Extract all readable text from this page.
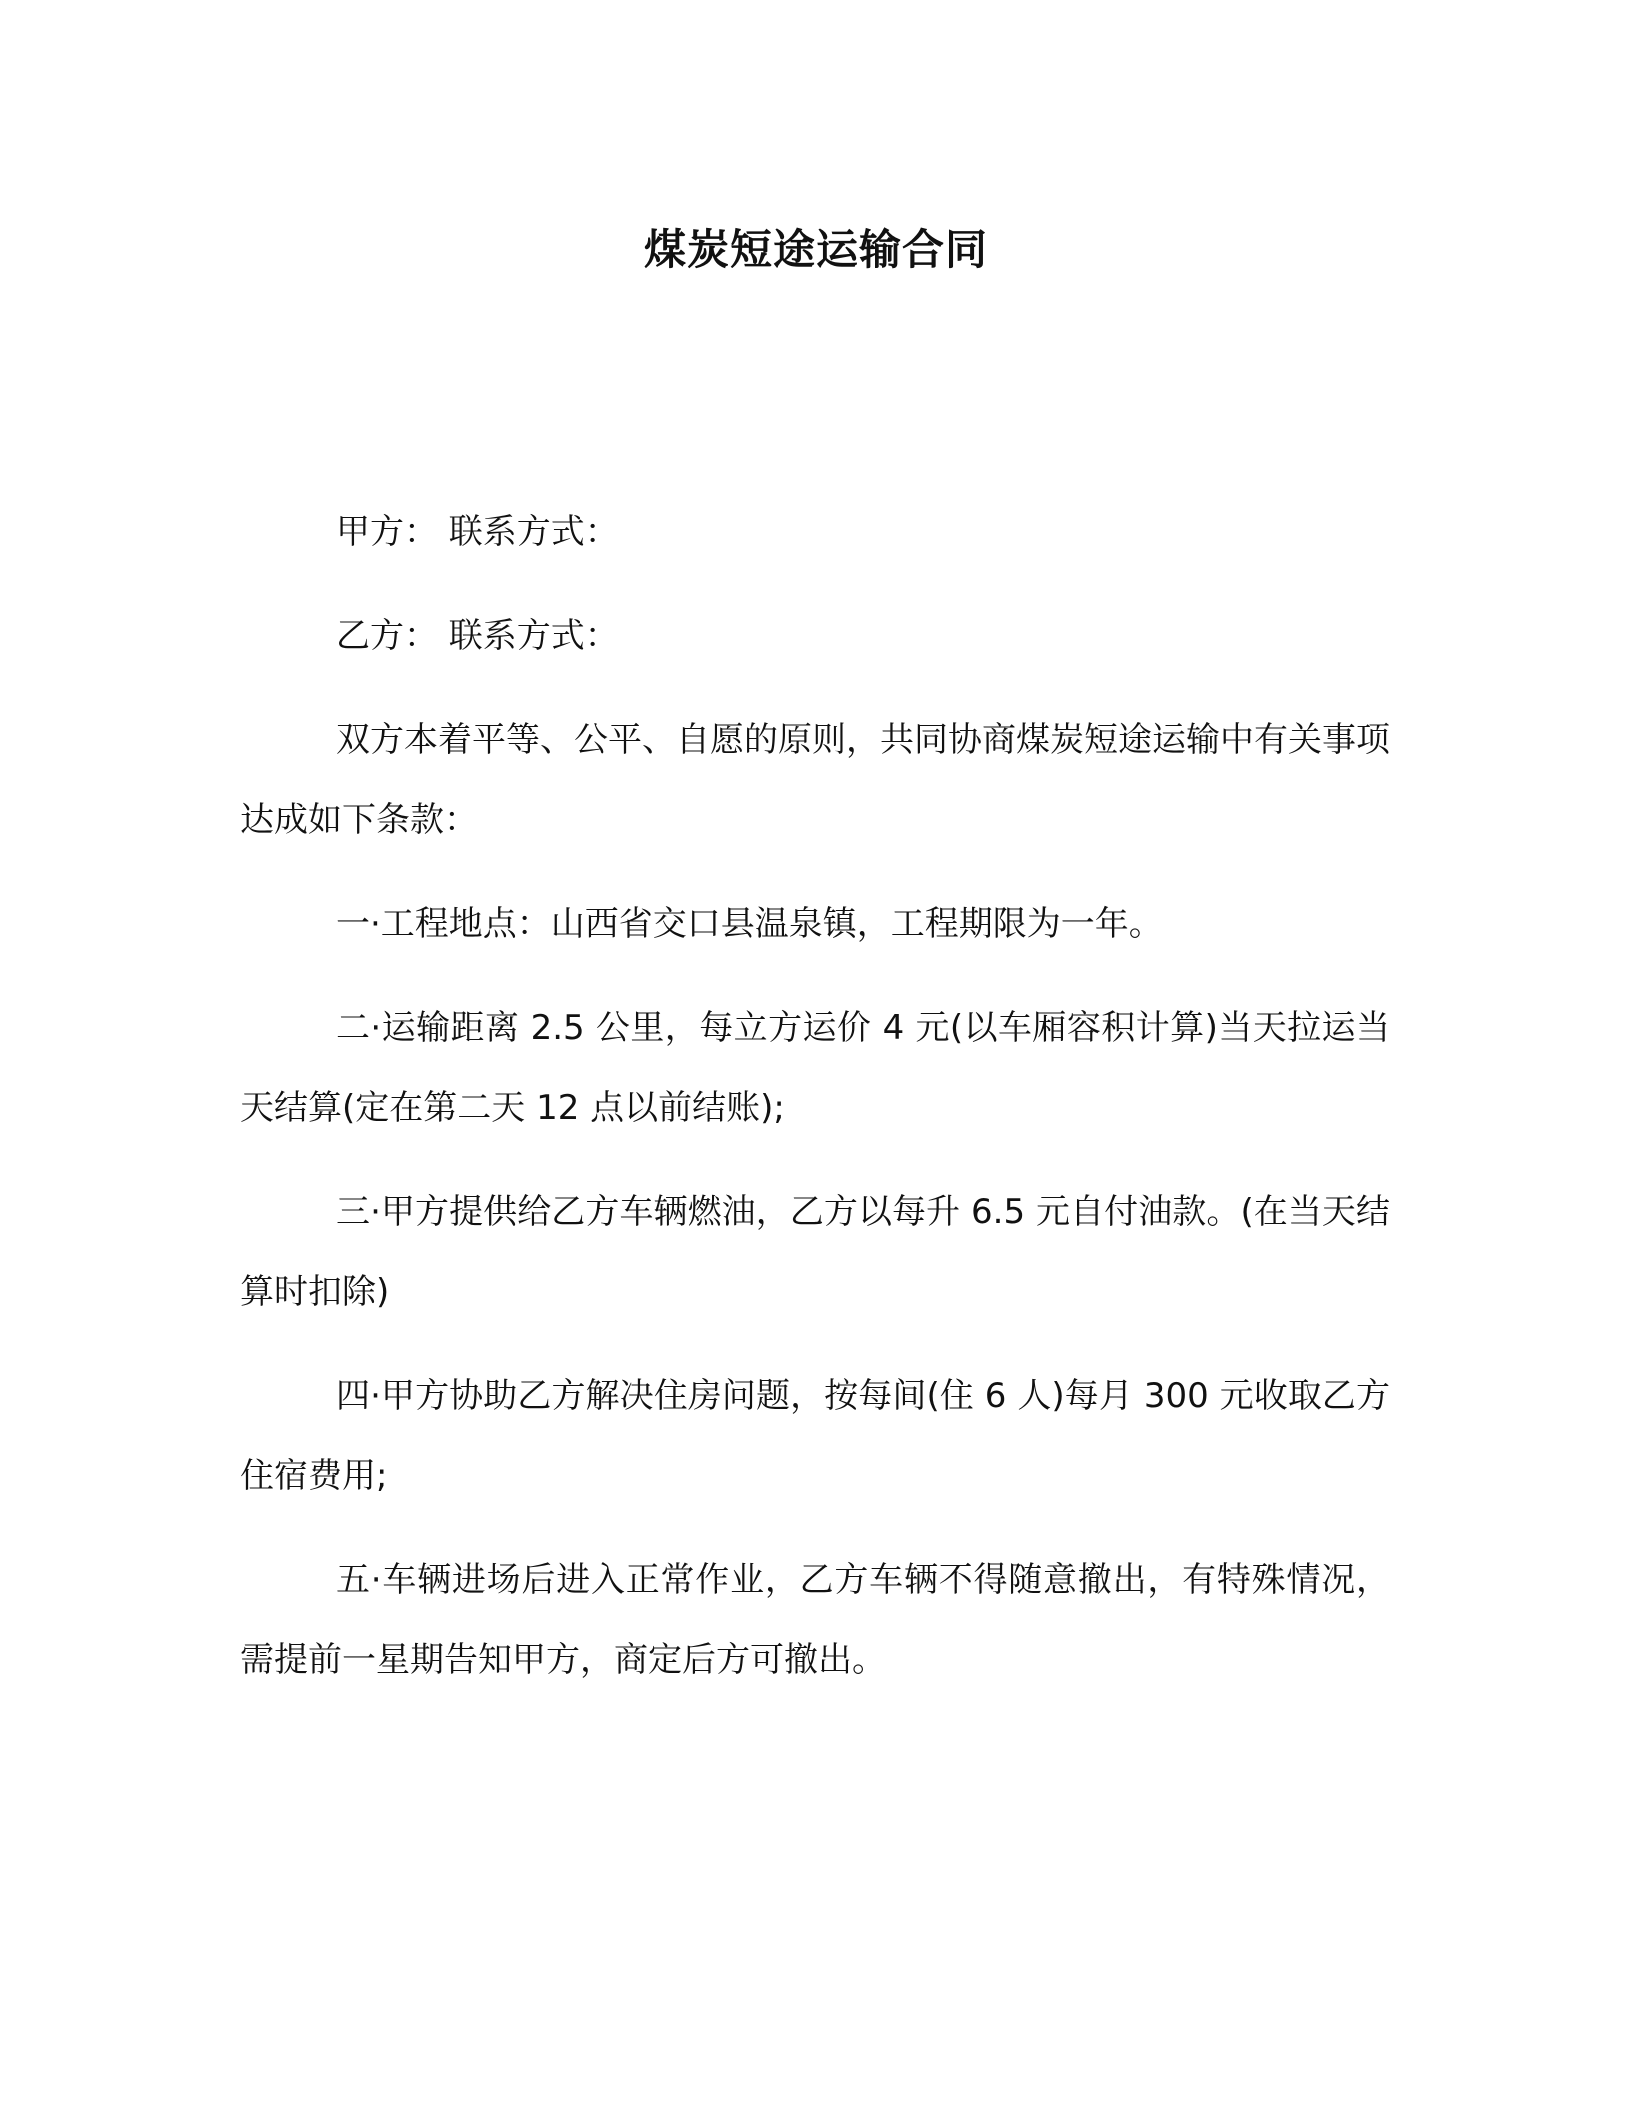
煤炭短途运输合同

甲方： 联系方式：

乙方： 联系方式：

双方本着平等、公平、自愿的原则，共同协商煤炭短途运输中有关事项达成如下条款：

一·工程地点：山西省交口县温泉镇，工程期限为一年。

二·运输距离 2.5 公里，每立方运价 4 元(以车厢容积计算)当天拉运当天结算(定在第二天 12 点以前结账);

三·甲方提供给乙方车辆燃油，乙方以每升 6.5 元自付油款。(在当天结算时扣除)

四·甲方协助乙方解决住房问题，按每间(住 6 人)每月 300 元收取乙方住宿费用;

五·车辆进场后进入正常作业，乙方车辆不得随意撤出，有特殊情况，需提前一星期告知甲方，商定后方可撤出。
